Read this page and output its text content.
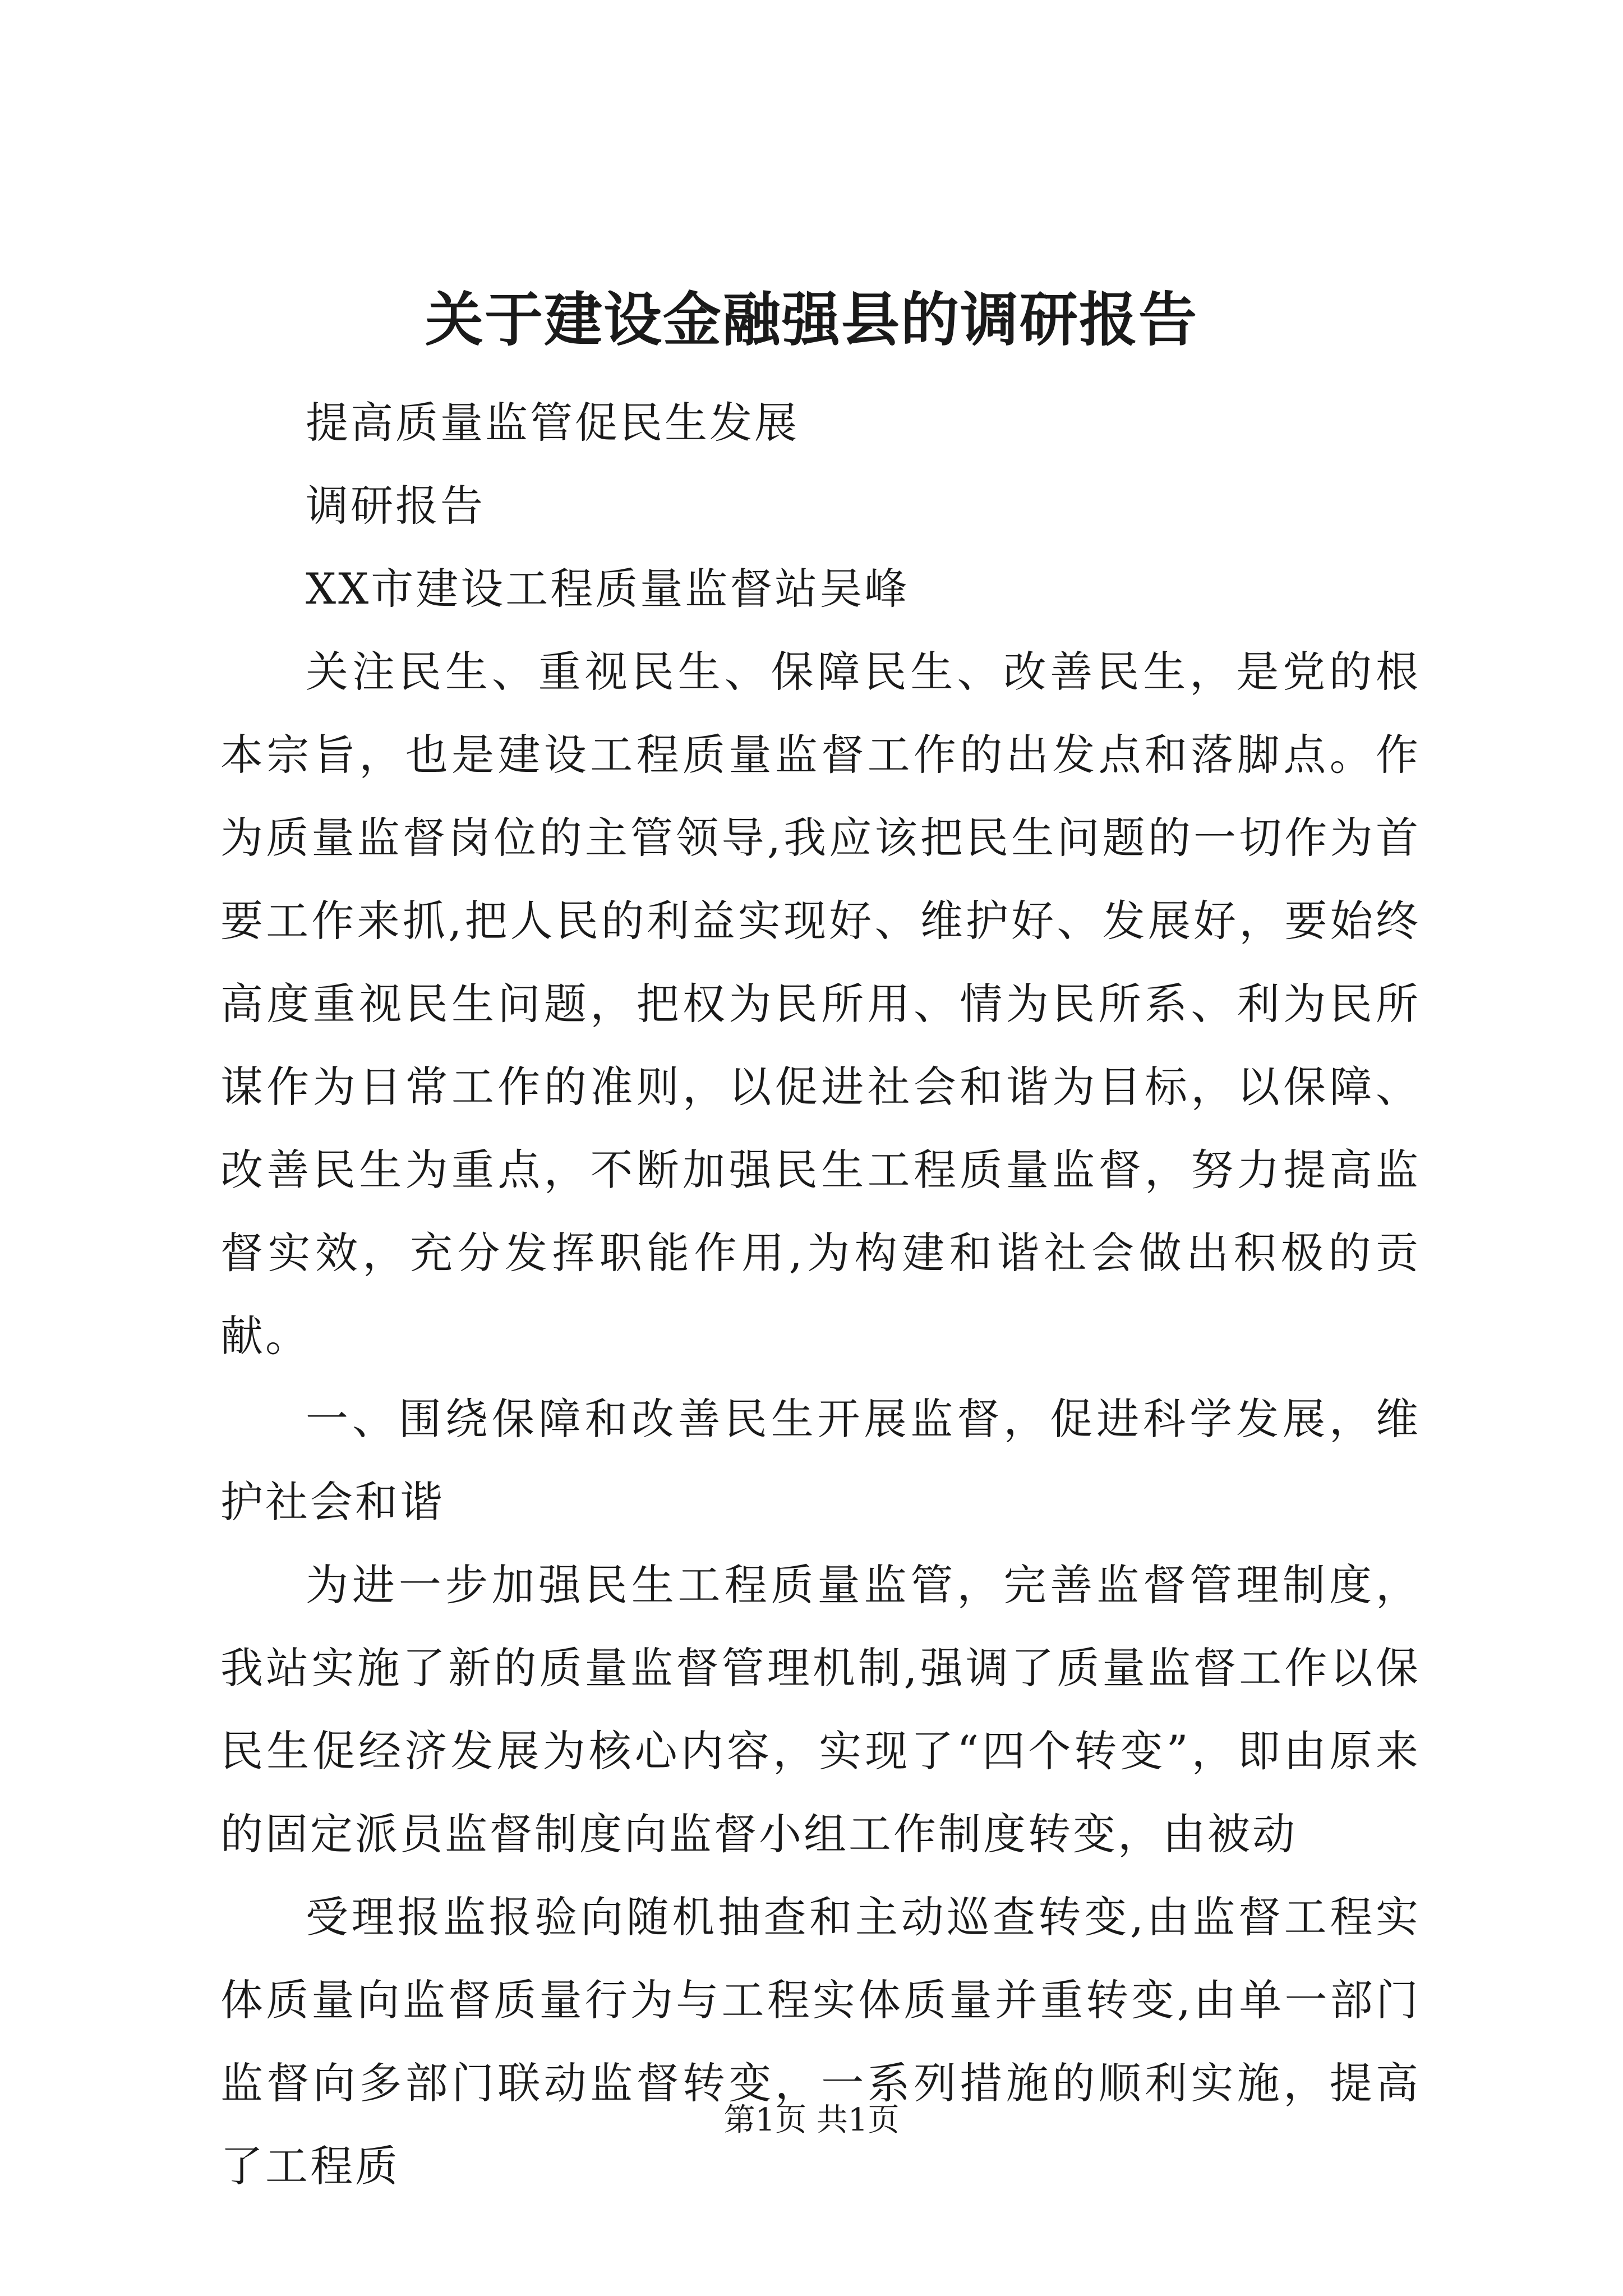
关于建设金融强县的调研报告

提高质量监管促民生发展

调研报告

XX市建设工程质量监督站吴峰

关注民生、重视民生、保障民生、改善民生，是党的根本宗旨，也是建设工程质量监督工作的出发点和落脚点。作为质量监督岗位的主管领导,我应该把民生问题的一切作为首要工作来抓,把人民的利益实现好、维护好、发展好，要始终高度重视民生问题，把权为民所用、情为民所系、利为民所谋作为日常工作的准则，以促进社会和谐为目标，以保障、改善民生为重点，不断加强民生工程质量监督，努力提高监督实效，充分发挥职能作用,为构建和谐社会做出积极的贡献。

一、围绕保障和改善民生开展监督，促进科学发展，维护社会和谐

为进一步加强民生工程质量监管，完善监督管理制度，我站实施了新的质量监督管理机制,强调了质量监督工作以保民生促经济发展为核心内容，实现了“四个转变”，即由原来的固定派员监督制度向监督小组工作制度转变，由被动

受理报监报验向随机抽查和主动巡查转变,由监督工程实体质量向监督质量行为与工程实体质量并重转变,由单一部门监督向多部门联动监督转变，一系列措施的顺利实施，提高了工程质

第1页 共1页
